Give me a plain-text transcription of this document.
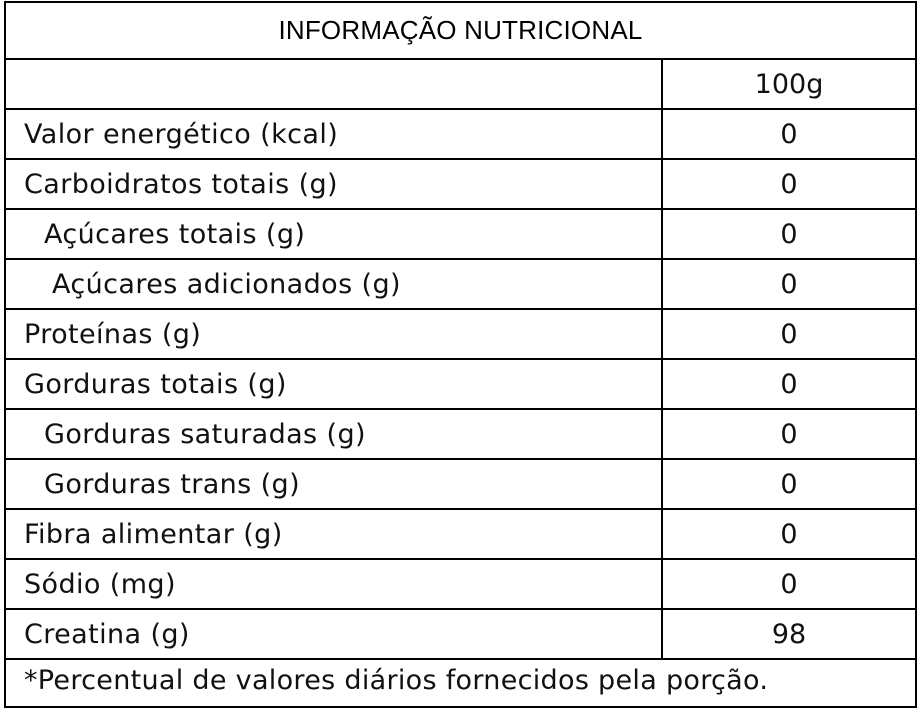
INFORMAÇÃO NUTRICIONAL
100g
Valor energético (kcal)	0
Carboidratos totais (g)	0
Açúcares totais (g)	0
Açúcares adicionados (g)	0
Proteínas (g)	0
Gorduras totais (g)	0
Gorduras saturadas (g)	0
Gorduras trans (g)	0
Fibra alimentar (g)	0
Sódio (mg)	0
Creatina (g)	98
*Percentual de valores diários fornecidos pela porção.
